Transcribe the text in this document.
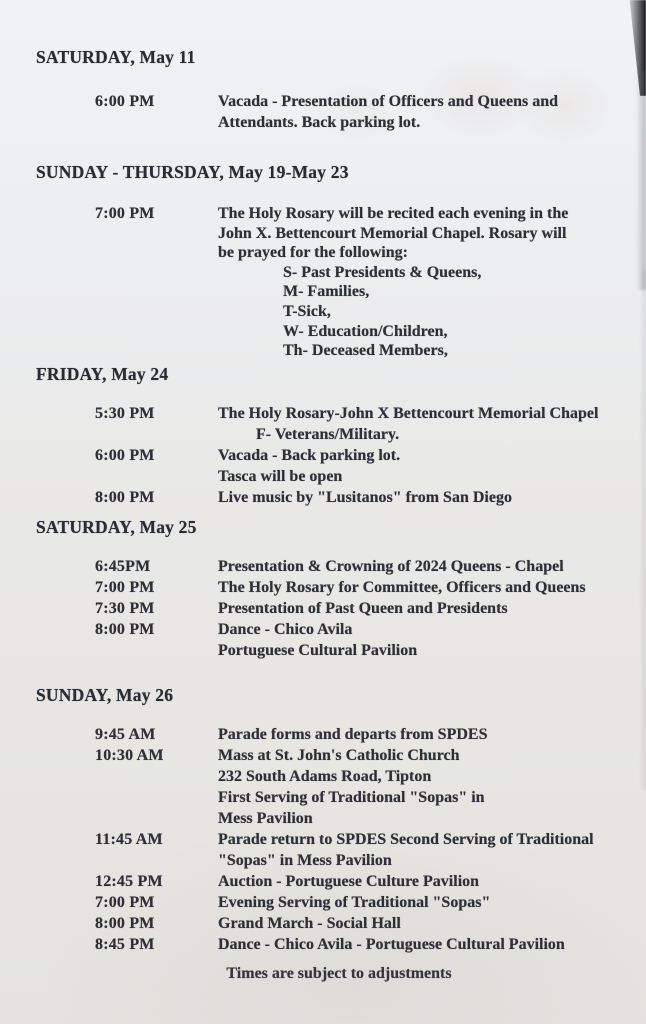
SATURDAY, May 11
6:00 PM	Vacada - Presentation of Officers and Queens and
Attendants. Back parking lot.
SUNDAY - THURSDAY, May 19-May 23
7:00 PM	The Holy Rosary will be recited each evening in the
John X. Bettencourt Memorial Chapel. Rosary will
be prayed for the following:
S- Past Presidents & Queens,
M- Families,
T-Sick,
W- Education/Children,
Th- Deceased Members,
FRIDAY, May 24
5:30 PM	The Holy Rosary-John X Bettencourt Memorial Chapel
F- Veterans/Military.
6:00 PM	Vacada - Back parking lot.
Tasca will be open
8:00 PM	Live music by "Lusitanos" from San Diego
SATURDAY, May 25
6:45PM	Presentation & Crowning of 2024 Queens - Chapel
7:00 PM	The Holy Rosary for Committee, Officers and Queens
7:30 PM	Presentation of Past Queen and Presidents
8:00 PM	Dance - Chico Avila
Portuguese Cultural Pavilion
SUNDAY, May 26
9:45 AM	Parade forms and departs from SPDES
10:30 AM	Mass at St. John's Catholic Church
232 South Adams Road, Tipton
First Serving of Traditional "Sopas" in
Mess Pavilion
11:45 AM	Parade return to SPDES Second Serving of Traditional
"Sopas" in Mess Pavilion
12:45 PM	Auction - Portuguese Culture Pavilion
7:00 PM	Evening Serving of Traditional "Sopas"
8:00 PM	Grand March - Social Hall
8:45 PM	Dance - Chico Avila - Portuguese Cultural Pavilion
Times are subject to adjustments
